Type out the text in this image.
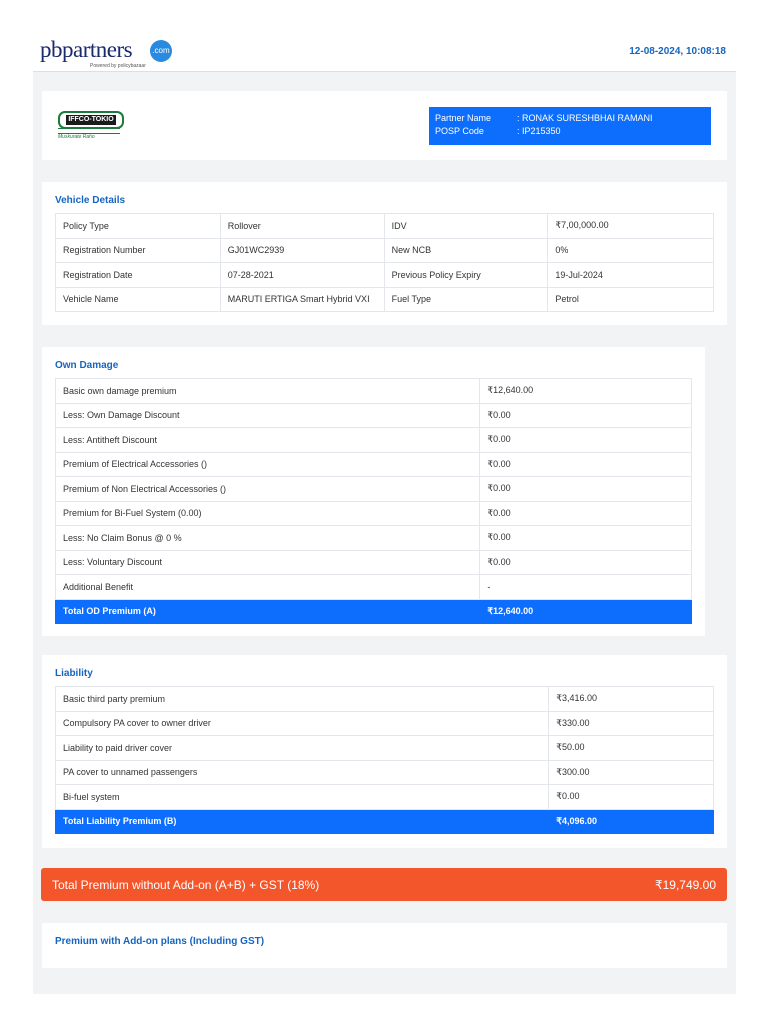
pbpartners	.com
Powered by policybazaar
12-08-2024, 10:08:18
IFFCO-TOKIO
Muskurate Raho
Partner Name	: RONAK SURESHBHAI RAMANI
POSP Code	: IP215350
Vehicle Details
Policy Type	Rollover	IDV	₹7,00,000.00
Registration Number	GJ01WC2939	New NCB	0%
Registration Date	07-28-2021	Previous Policy Expiry	19-Jul-2024
Vehicle Name	MARUTI ERTIGA Smart Hybrid VXI	Fuel Type	Petrol
Own Damage
Basic own damage premium	₹12,640.00
Less: Own Damage Discount	₹0.00
Less: Antitheft Discount	₹0.00
Premium of Electrical Accessories ()	₹0.00
Premium of Non Electrical Accessories ()	₹0.00
Premium for Bi-Fuel System (0.00)	₹0.00
Less: No Claim Bonus @ 0 %	₹0.00
Less: Voluntary Discount	₹0.00
Additional Benefit	-
Total OD Premium (A)	₹12,640.00
Liability
Basic third party premium	₹3,416.00
Compulsory PA cover to owner driver	₹330.00
Liability to paid driver cover	₹50.00
PA cover to unnamed passengers	₹300.00
Bi-fuel system	₹0.00
Total Liability Premium (B)	₹4,096.00
Total Premium without Add-on (A+B) + GST (18%)	₹19,749.00
Premium with Add-on plans (Including GST)
